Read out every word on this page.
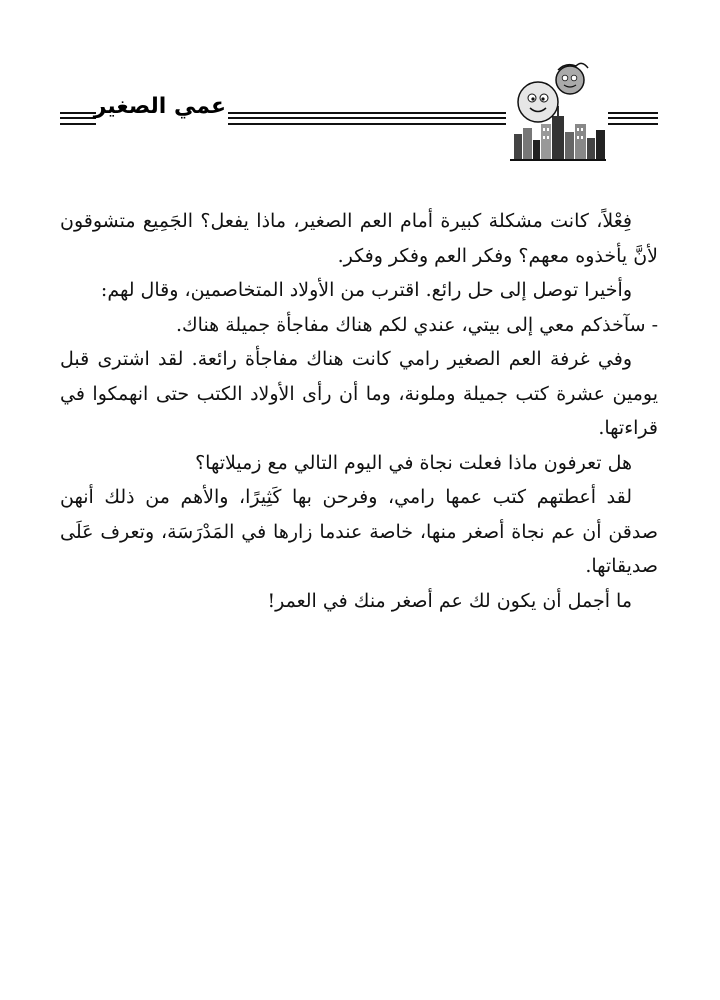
عمي الصغير

فِعْلاً، كانت مشكلة كبيرة أمام العم الصغير، ماذا يفعل؟ الجَمِيع متشوقون لأنَّ يأخذوه معهم؟ وفكر العم وفكر وفكر.

وأخيرا توصل إلى حل رائع. اقترب من الأولاد المتخاصمين، وقال لهم:

- سآخذكم معي إلى بيتي، عندي لكم هناك مفاجأة جميلة هناك.

وفي غرفة العم الصغير رامي كانت هناك مفاجأة رائعة. لقد اشترى قبل يومين عشرة كتب جميلة وملونة، وما أن رأى الأولاد الكتب حتى انهمكوا في قراءتها.

هل تعرفون ماذا فعلت نجاة في اليوم التالي مع زميلاتها؟

لقد أعطتهم كتب عمها رامي، وفرحن بها كَثِيرًا، والأهم من ذلك أنهن صدقن أن عم نجاة أصغر منها، خاصة عندما زارها في المَدْرَسَة، وتعرف عَلَى صديقاتها.

ما أجمل أن يكون لك عم أصغر منك في العمر!
